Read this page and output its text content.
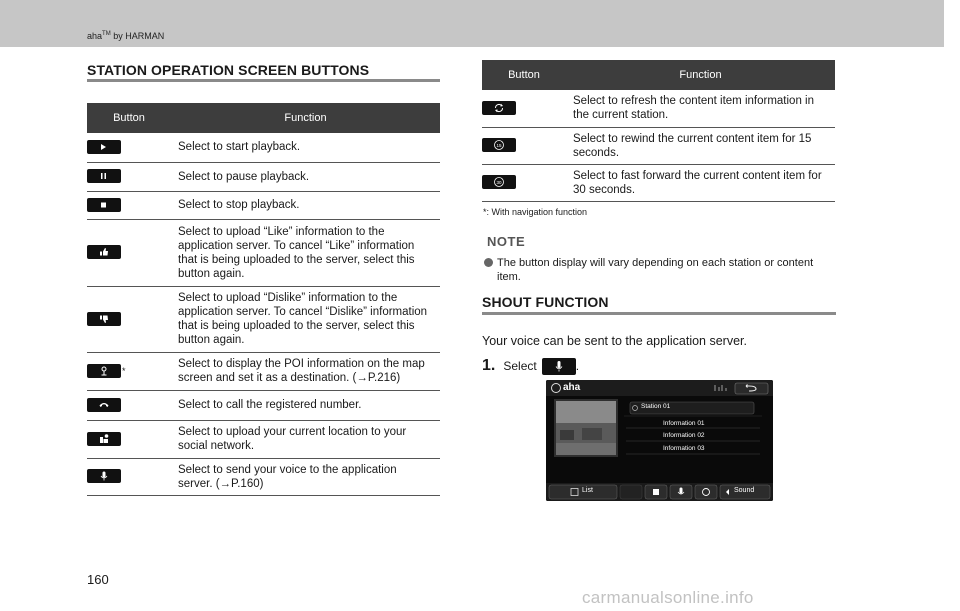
aha™ by HARMAN
STATION OPERATION SCREEN BUTTONS
Button	Function

	Select to start playback.

	Select to pause playback.

	Select to stop playback.

	Select to upload “Like” information to the application server. To cancel “Like” information that is being uploaded to the server, select this button again.

	Select to upload “Dislike” information to the application server. To cancel “Dislike” information that is being uploaded to the server, select this button again.

*	Select to display the POI information on the map screen and set it as a destination. (→P.216)

	Select to call the registered number.

	Select to upload your current location to your social network.

	Select to send your voice to the application server. (→P.160)
Button	Function

	Select to refresh the content item information in the current station.

15	Select to rewind the current content item for 15 seconds.

30	Select to fast forward the current content item for 30 seconds.
*: With navigation function
NOTE
The button display will vary depending on each station or content
item.
SHOUT FUNCTION
Your voice can be sent to the application server.
1. Select	.
aha
Station 01
Information 01
Information 02
Information 03
List	Sound
160
carmanualsonline.info
